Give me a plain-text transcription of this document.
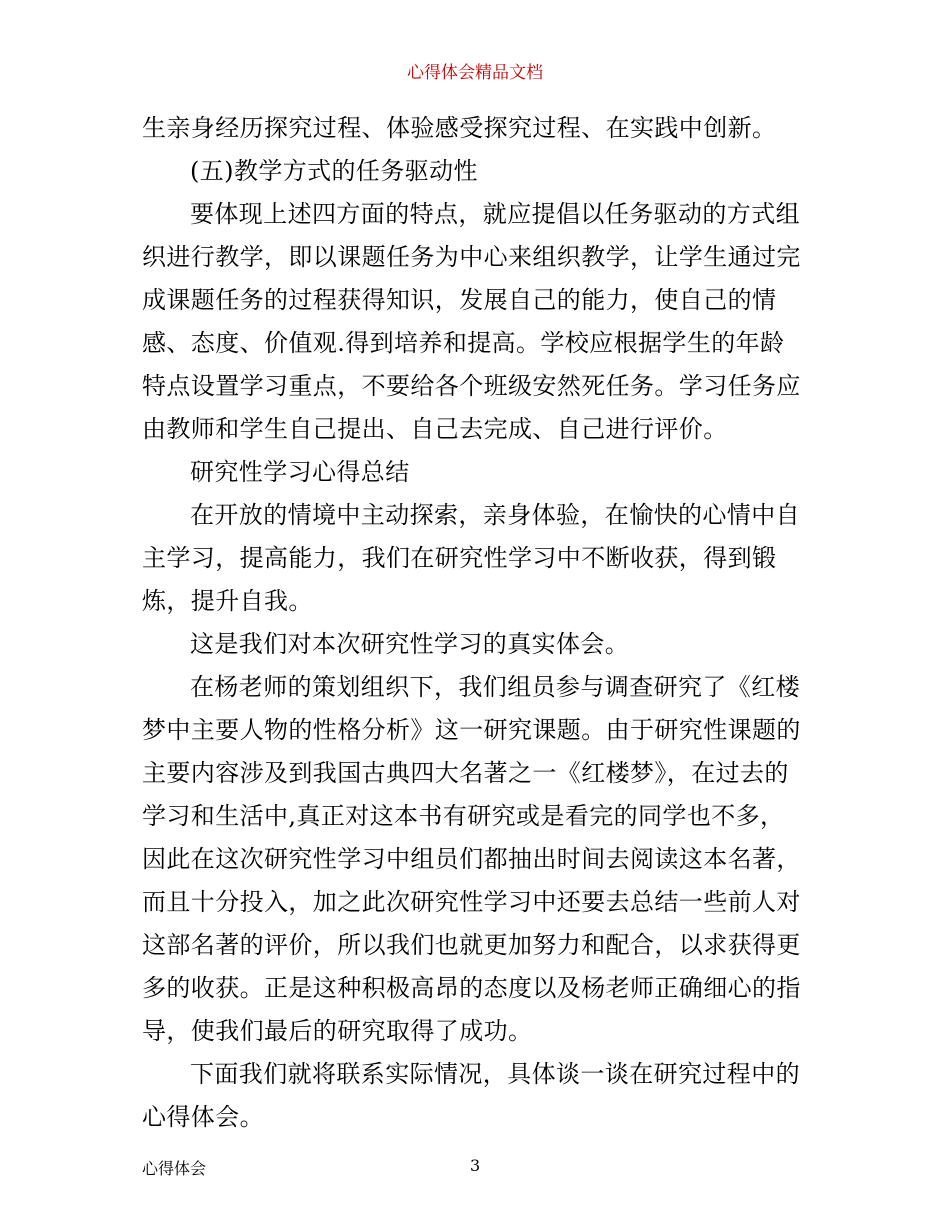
心得体会精品文档

生亲身经历探究过程、体验感受探究过程、在实践中创新。

(五)教学方式的任务驱动性

要体现上述四方面的特点，就应提倡以任务驱动的方式组

织进行教学，即以课题任务为中心来组织教学，让学生通过完

成课题任务的过程获得知识，发展自己的能力，使自己的情

感、态度、价值观.得到培养和提高。学校应根据学生的年龄

特点设置学习重点，不要给各个班级安然死任务。学习任务应

由教师和学生自己提出、自己去完成、自己进行评价。

研究性学习心得总结

在开放的情境中主动探索，亲身体验，在愉快的心情中自

主学习，提高能力，我们在研究性学习中不断收获，得到锻

炼，提升自我。

这是我们对本次研究性学习的真实体会。

在杨老师的策划组织下，我们组员参与调查研究了《红楼

梦中主要人物的性格分析》这一研究课题。由于研究性课题的

主要内容涉及到我国古典四大名著之一《红楼梦》，在过去的

学习和生活中,真正对这本书有研究或是看完的同学也不多，

因此在这次研究性学习中组员们都抽出时间去阅读这本名著，

而且十分投入，加之此次研究性学习中还要去总结一些前人对

这部名著的评价，所以我们也就更加努力和配合，以求获得更

多的收获。正是这种积极高昂的态度以及杨老师正确细心的指

导，使我们最后的研究取得了成功。

下面我们就将联系实际情况，具体谈一谈在研究过程中的

心得体会。

心得体会	3
